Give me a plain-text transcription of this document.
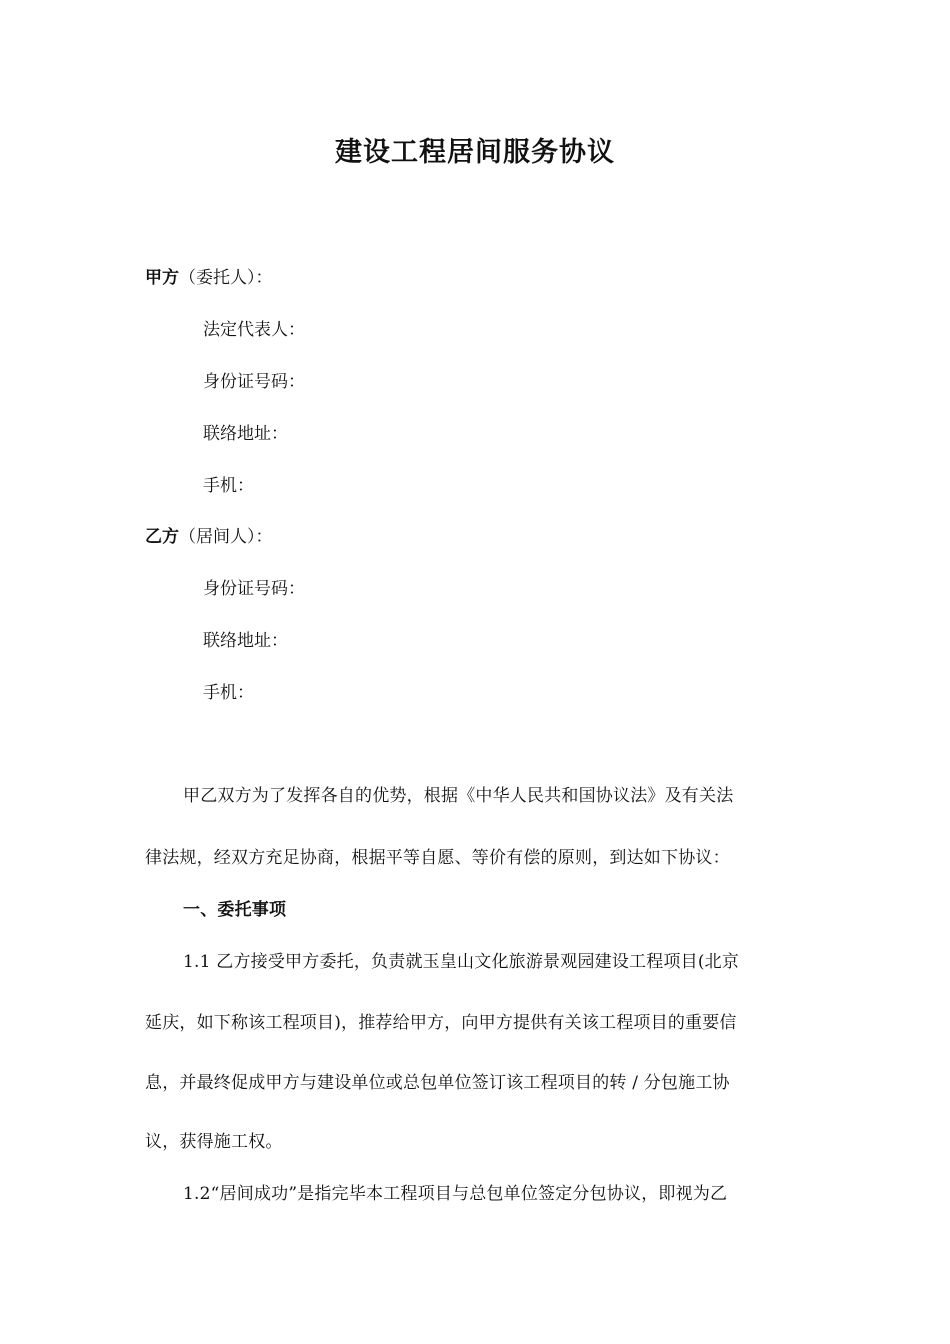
建设工程居间服务协议
甲方（委托人）：
法定代表人：
身份证号码：
联络地址：
手机：
乙方（居间人）：
身份证号码：
联络地址：
手机：
甲乙双方为了发挥各自的优势，根据《中华人民共和国协议法》及有关法
律法规，经双方充足协商，根据平等自愿、等价有偿的原则，到达如下协议：
一、委托事项
1.1 乙方接受甲方委托，负责就玉皇山文化旅游景观园建设工程项目(北京
延庆，如下称该工程项目)，推荐给甲方，向甲方提供有关该工程项目的重要信
息，并最终促成甲方与建设单位或总包单位签订该工程项目的转 / 分包施工协
议，获得施工权。
1.2“居间成功”是指完毕本工程项目与总包单位签定分包协议，即视为乙
